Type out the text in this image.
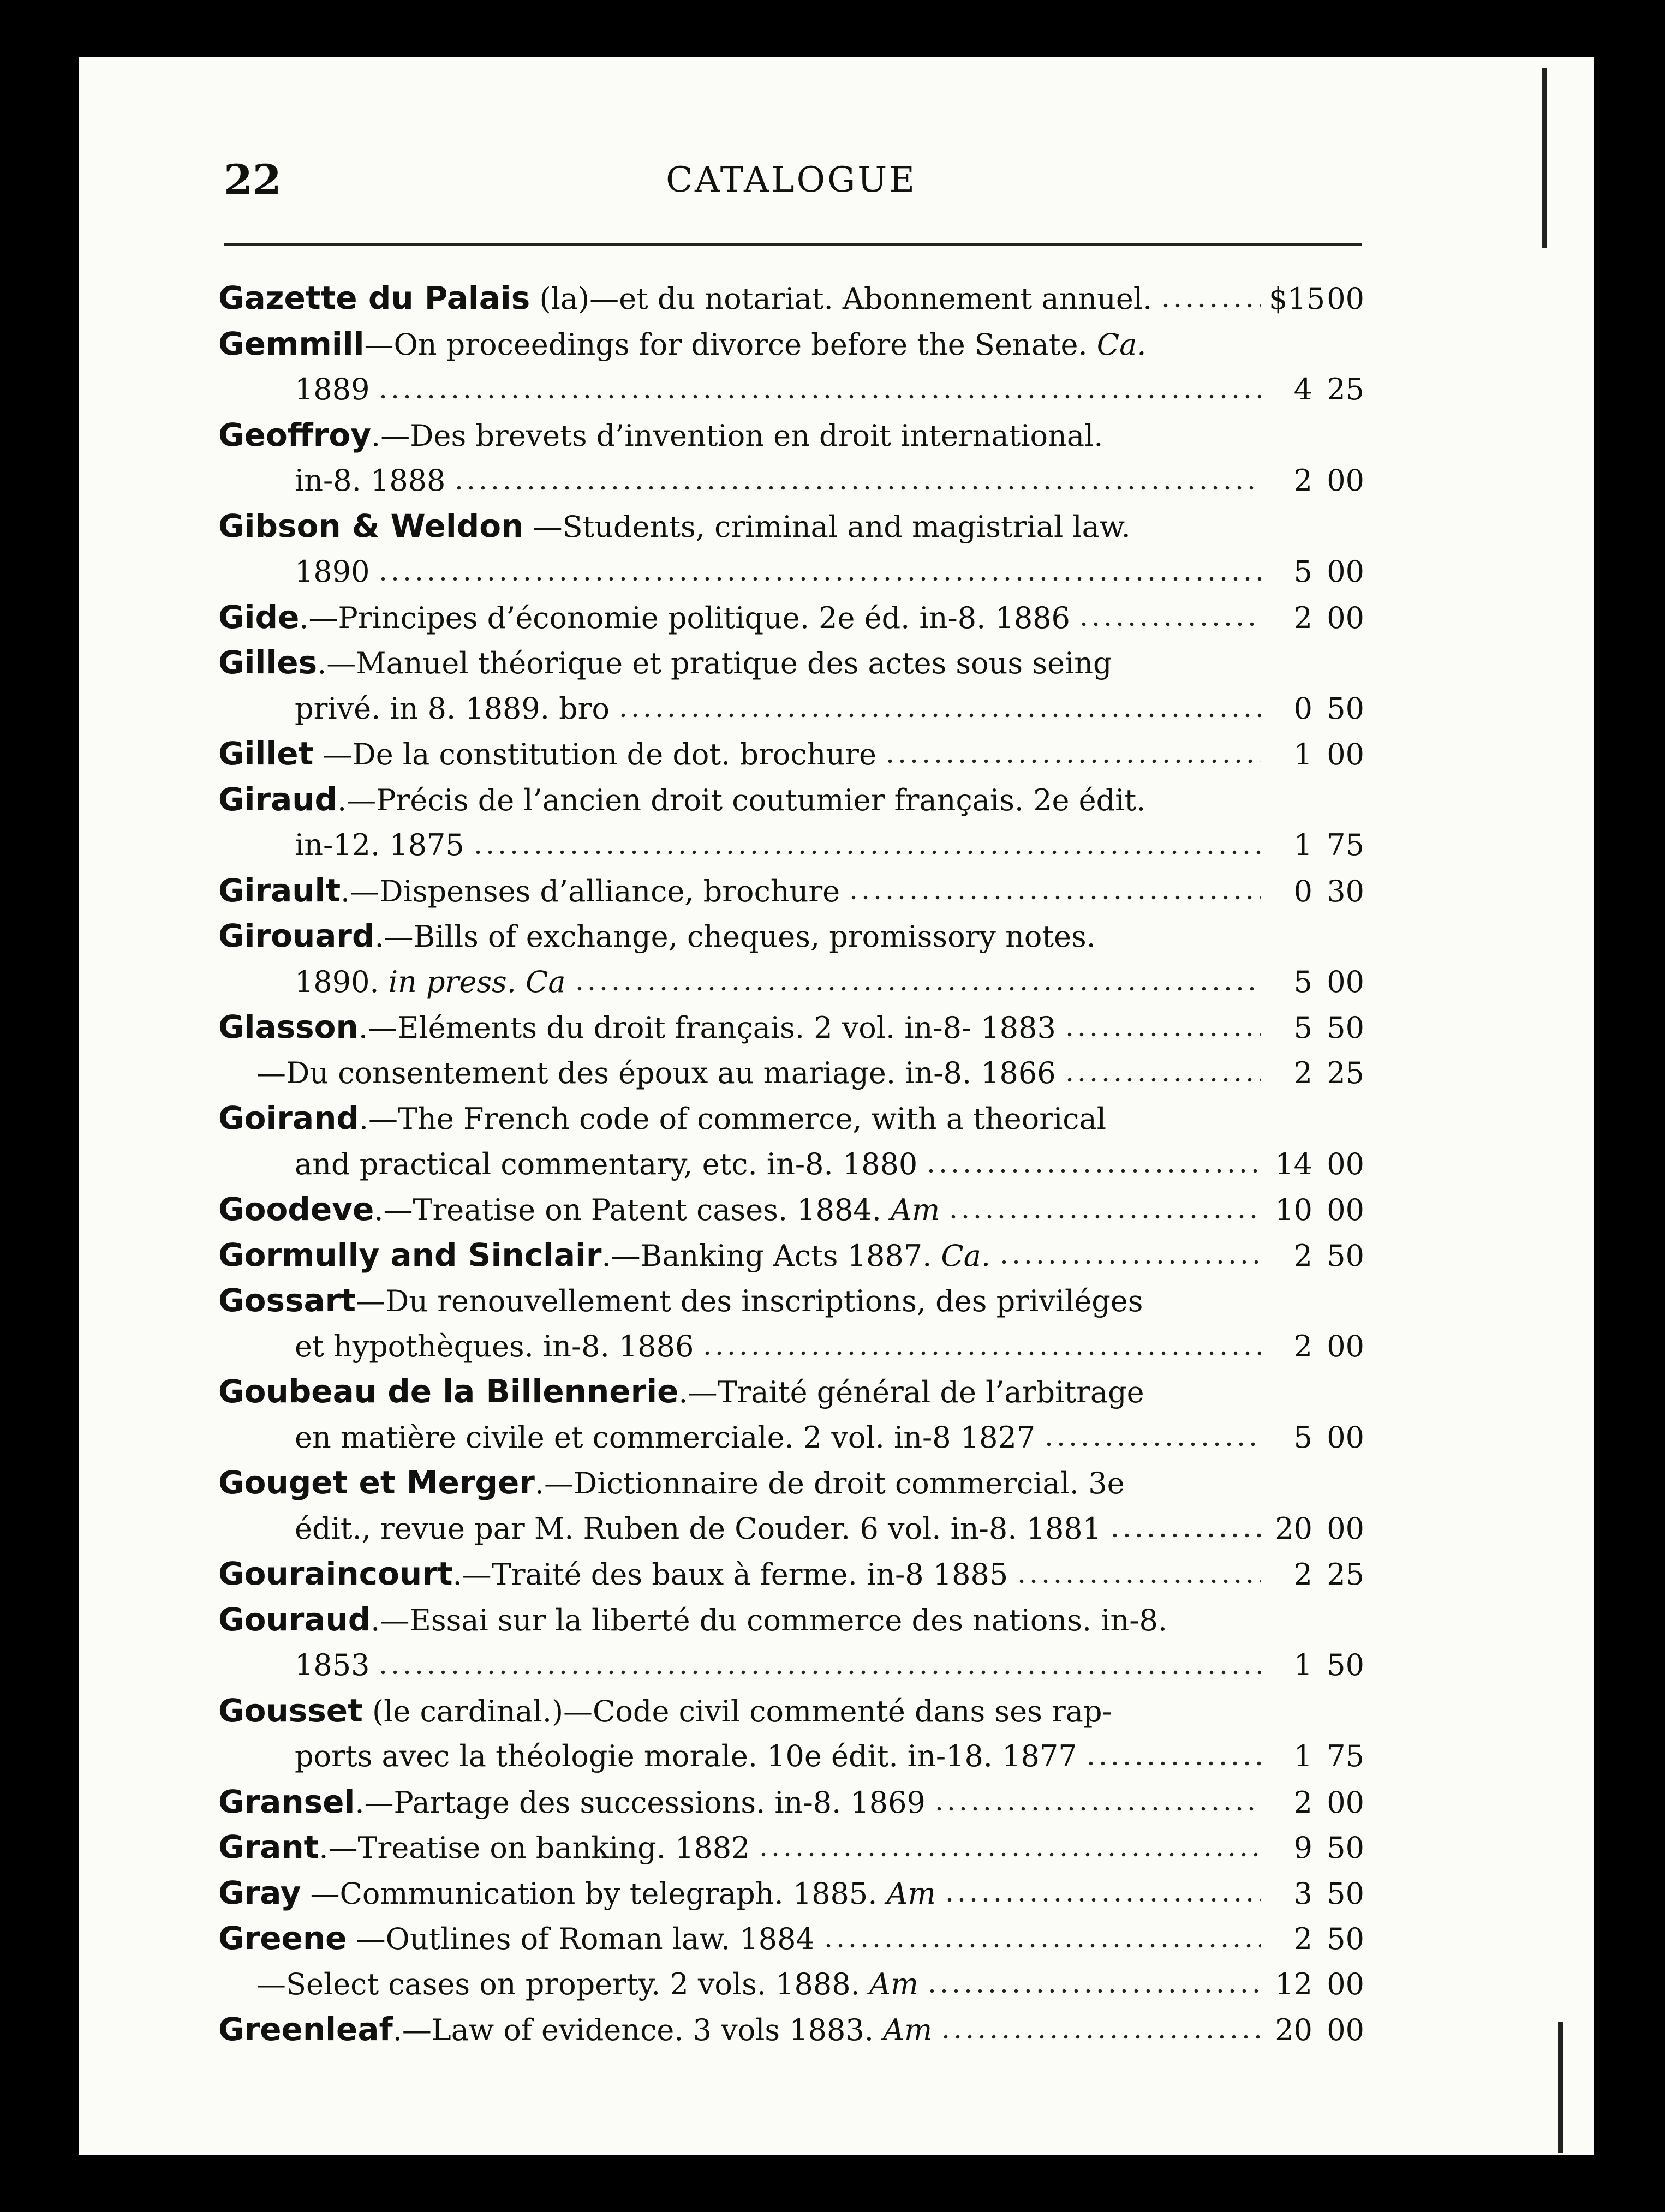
22	CATALOGUE
Gazette du Palais (la)—et du notariat. Abonnement annuel.	$15 00
Gemmill—On proceedings for divorce before the Senate. Ca.
1889	4 25
Geoffroy.—Des brevets d’invention en droit international.
in-8. 1888	2 00
Gibson & Weldon —Students, criminal and magistrial law.
1890	5 00
Gide.—Principes d’économie politique. 2e éd. in-8. 1886	2 00
Gilles.—Manuel théorique et pratique des actes sous seing
privé. in 8. 1889. bro	0 50
Gillet —De la constitution de dot. brochure	1 00
Giraud.—Précis de l’ancien droit coutumier français. 2e édit.
in-12. 1875	1 75
Girault.—Dispenses d’alliance, brochure	0 30
Girouard.—Bills of exchange, cheques, promissory notes.
1890. in press. Ca	5 00
Glasson.—Eléments du droit français. 2 vol. in-8- 1883	5 50
—Du consentement des époux au mariage. in-8. 1866	2 25
Goirand.—The French code of commerce, with a theorical
and practical commentary, etc. in-8. 1880	14 00
Goodeve.—Treatise on Patent cases. 1884. Am	10 00
Gormully and Sinclair.—Banking Acts 1887. Ca.	2 50
Gossart—Du renouvellement des inscriptions, des priviléges
et hypothèques. in-8. 1886	2 00
Goubeau de la Billennerie.—Traité général de l’arbitrage
en matière civile et commerciale. 2 vol. in-8 1827	5 00
Gouget et Merger.—Dictionnaire de droit commercial. 3e
édit., revue par M. Ruben de Couder. 6 vol. in-8. 1881	20 00
Gouraincourt.—Traité des baux à ferme. in-8 1885	2 25
Gouraud.—Essai sur la liberté du commerce des nations. in-8.
1853	1 50
Gousset (le cardinal.)—Code civil commenté dans ses rap-
ports avec la théologie morale. 10e édit. in-18. 1877	1 75
Gransel.—Partage des successions. in-8. 1869	2 00
Grant.—Treatise on banking. 1882	9 50
Gray —Communication by telegraph. 1885. Am	3 50
Greene —Outlines of Roman law. 1884	2 50
—Select cases on property. 2 vols. 1888. Am	12 00
Greenleaf.—Law of evidence. 3 vols 1883. Am	20 00
